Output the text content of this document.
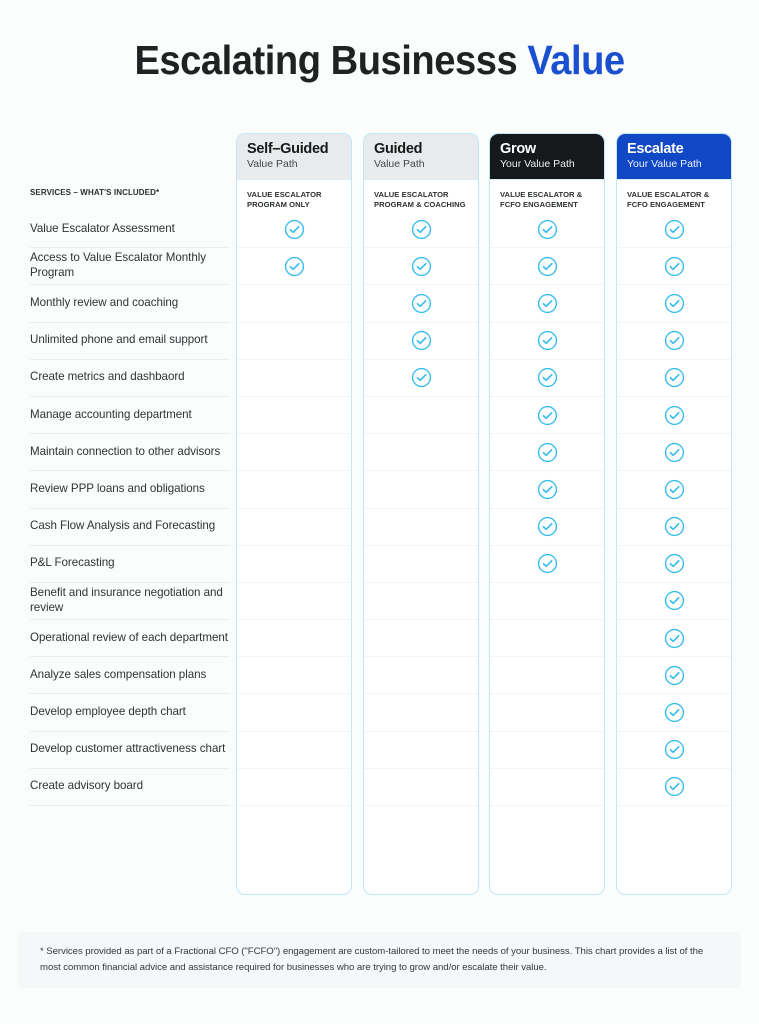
Escalating Businesss Value
Self–Guided
Value Path
VALUE ESCALATOR PROGRAM ONLY
Guided
Value Path
VALUE ESCALATOR PROGRAM & COACHING
Grow
Your Value Path
VALUE ESCALATOR & FCFO ENGAGEMENT
Escalate
Your Value Path
VALUE ESCALATOR & FCFO ENGAGEMENT
SERVICES – WHAT'S INCLUDED*
Value Escalator Assessment
Access to Value Escalator Monthly Program
Monthly review and coaching
Unlimited phone and email support
Create metrics and dashbaord
Manage accounting department
Maintain connection to other advisors
Review PPP loans and obligations
Cash Flow Analysis and Forecasting
P&L Forecasting
Benefit and insurance negotiation and review
Operational review of each department
Analyze sales compensation plans
Develop employee depth chart
Develop customer attractiveness chart
Create advisory board

* Services provided as part of a Fractional CFO ("FCFO") engagement are custom-tailored to meet the needs of your business. This chart provides a list of the most common financial advice and assistance required for businesses who are trying to grow and/or escalate their value.
